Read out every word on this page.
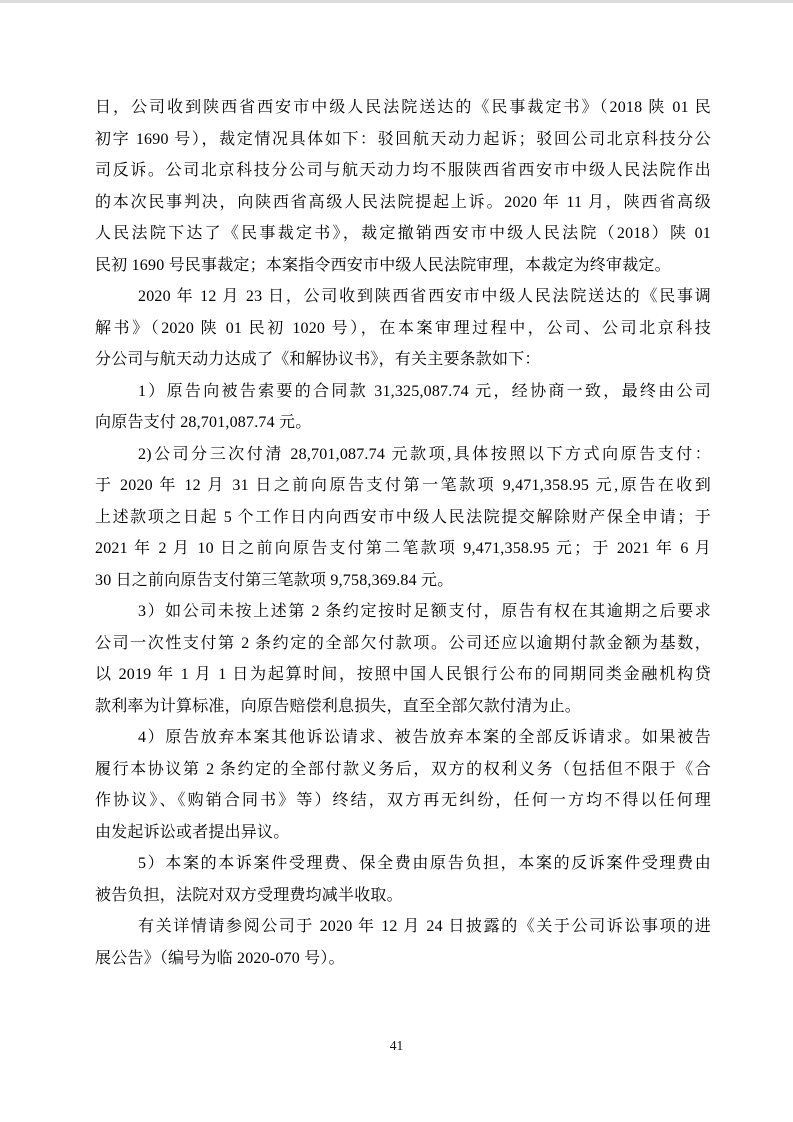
日，公司收到陕西省西安市中级人民法院送达的《民事裁定书》（2018 陕 01 民
初字 1690 号），裁定情况具体如下：驳回航天动力起诉；驳回公司北京科技分公
司反诉。公司北京科技分公司与航天动力均不服陕西省西安市中级人民法院作出
的本次民事判决，向陕西省高级人民法院提起上诉。2020 年 11 月，陕西省高级
人民法院下达了《民事裁定书》，裁定撤销西安市中级人民法院（2018）陕 01
民初 1690 号民事裁定；本案指令西安市中级人民法院审理，本裁定为终审裁定。
2020 年 12 月 23 日，公司收到陕西省西安市中级人民法院送达的《民事调
解书》（2020 陕 01 民初 1020 号），在本案审理过程中，公司、公司北京科技
分公司与航天动力达成了《和解协议书》，有关主要条款如下：
1）原告向被告索要的合同款 31,325,087.74 元，经协商一致，最终由公司
向原告支付 28,701,087.74 元。
2)公司分三次付清 28,701,087.74 元款项,具体按照以下方式向原告支付：
于 2020 年 12 月 31 日之前向原告支付第一笔款项 9,471,358.95 元,原告在收到
上述款项之日起 5 个工作日内向西安市中级人民法院提交解除财产保全申请；于
2021 年 2 月 10 日之前向原告支付第二笔款项 9,471,358.95 元；于 2021 年 6 月
30 日之前向原告支付第三笔款项 9,758,369.84 元。
3）如公司未按上述第 2 条约定按时足额支付，原告有权在其逾期之后要求
公司一次性支付第 2 条约定的全部欠付款项。公司还应以逾期付款金额为基数，
以 2019 年 1 月 1 日为起算时间，按照中国人民银行公布的同期同类金融机构贷
款利率为计算标准，向原告赔偿利息损失，直至全部欠款付清为止。
4）原告放弃本案其他诉讼请求、被告放弃本案的全部反诉请求。如果被告
履行本协议第 2 条约定的全部付款义务后，双方的权利义务（包括但不限于《合
作协议》、《购销合同书》等）终结，双方再无纠纷，任何一方均不得以任何理
由发起诉讼或者提出异议。
5）本案的本诉案件受理费、保全费由原告负担，本案的反诉案件受理费由
被告负担，法院对双方受理费均减半收取。
有关详情请参阅公司于 2020 年 12 月 24 日披露的《关于公司诉讼事项的进
展公告》（编号为临 2020-070 号）。
41
